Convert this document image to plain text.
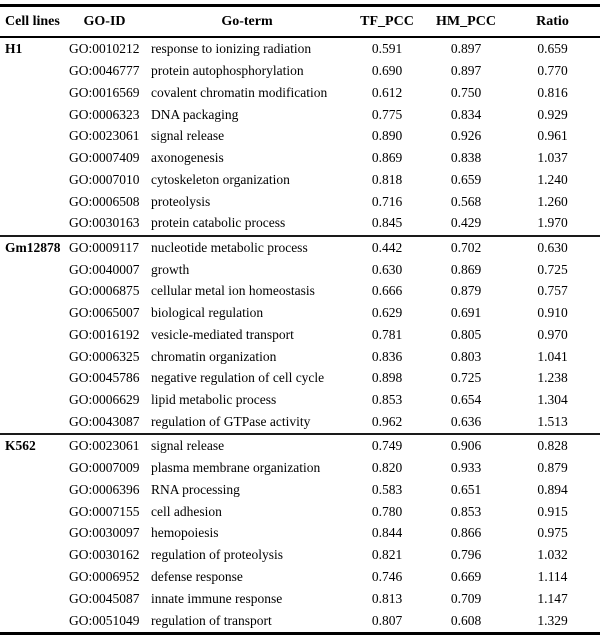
Cell lines	GO-ID	Go-term	TF_PCC	HM_PCC	Ratio
H1	GO:0010212	response to ionizing radiation	0.591	0.897	0.659
	GO:0046777	protein autophosphorylation	0.690	0.897	0.770
	GO:0016569	covalent chromatin modification	0.612	0.750	0.816
	GO:0006323	DNA packaging	0.775	0.834	0.929
	GO:0023061	signal release	0.890	0.926	0.961
	GO:0007409	axonogenesis	0.869	0.838	1.037
	GO:0007010	cytoskeleton organization	0.818	0.659	1.240
	GO:0006508	proteolysis	0.716	0.568	1.260
	GO:0030163	protein catabolic process	0.845	0.429	1.970
Gm12878	GO:0009117	nucleotide metabolic process	0.442	0.702	0.630
	GO:0040007	growth	0.630	0.869	0.725
	GO:0006875	cellular metal ion homeostasis	0.666	0.879	0.757
	GO:0065007	biological regulation	0.629	0.691	0.910
	GO:0016192	vesicle-mediated transport	0.781	0.805	0.970
	GO:0006325	chromatin organization	0.836	0.803	1.041
	GO:0045786	negative regulation of cell cycle	0.898	0.725	1.238
	GO:0006629	lipid metabolic process	0.853	0.654	1.304
	GO:0043087	regulation of GTPase activity	0.962	0.636	1.513
K562	GO:0023061	signal release	0.749	0.906	0.828
	GO:0007009	plasma membrane organization	0.820	0.933	0.879
	GO:0006396	RNA processing	0.583	0.651	0.894
	GO:0007155	cell adhesion	0.780	0.853	0.915
	GO:0030097	hemopoiesis	0.844	0.866	0.975
	GO:0030162	regulation of proteolysis	0.821	0.796	1.032
	GO:0006952	defense response	0.746	0.669	1.114
	GO:0045087	innate immune response	0.813	0.709	1.147
	GO:0051049	regulation of transport	0.807	0.608	1.329
